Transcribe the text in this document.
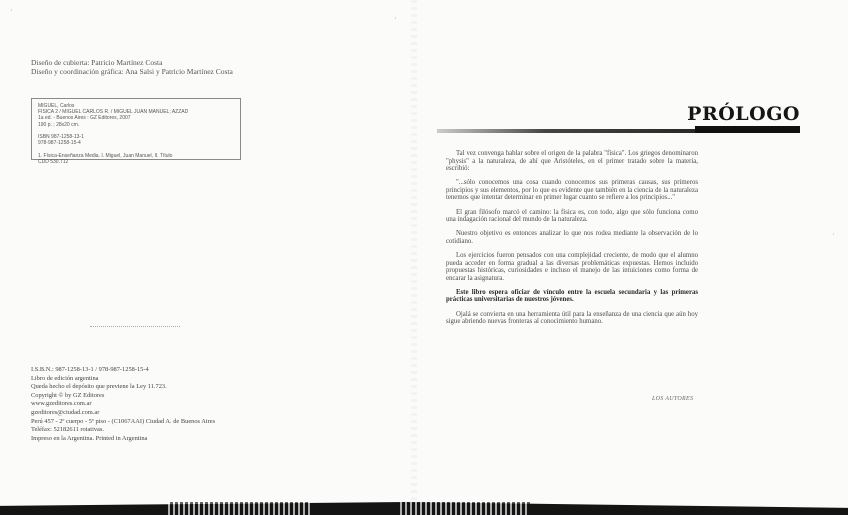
Diseño de cubierta: Patricio Martínez Costa
Diseño y coordinación gráfica: Ana Salsi y Patricio Martínez Costa
MIGUEL, Carlos
FISICA 2 / MIGUEL CARLOS R. / MIGUEL JUAN MANUEL; AZZAD
1a ed. - Buenos Aires : GZ Editores, 2007
190 p. ; 28x20 cm.

ISBN 987-1258-13-1
978-987-1258-15-4

1. Física-Enseñanza Media. I. Miguel, Juan Manuel, II. Título
CDD 530.712
I.S.B.N.: 987-1258-13-1 / 978-987-1258-15-4
Libro de edición argentina
Queda hecho el depósito que previene la Ley 11.723.
Copyright © by GZ Editores
www.gzeditores.com.ar
gzeditores@ciudad.com.ar
Perú 457 - 2º cuerpo - 5º piso - (C1067AAI) Ciudad A. de Buenos Aires
Teléfax: 52182611 rotativas.
Impreso en la Argentina. Printed in Argentina
PRÓLOGO

Tal vez convenga hablar sobre el origen de la palabra "física". Los griegos denominaron "physis" a la naturaleza, de ahí que Aristóteles, en el primer tratado sobre la materia, escribió:

"...sólo conocemos una cosa cuando conocemos sus primeras causas, sus primeros principios y sus elementos, por lo que es evidente que también en la ciencia de la naturaleza tenemos que intentar determinar en primer lugar cuanto se refiere a los principios..."

El gran filósofo marcó el camino: la física es, con todo, algo que sólo funciona como una indagación racional del mundo de la naturaleza.

Nuestro objetivo es entonces analizar lo que nos rodea mediante la observación de lo cotidiano.

Los ejercicios fueron pensados con una complejidad creciente, de modo que el alumno pueda acceder en forma gradual a las diversas problemáticas expuestas. Hemos incluido propuestas históricas, curiosidades e incluso el manejo de las intuiciones como forma de encarar la asignatura.

Este libro espera oficiar de vínculo entre la escuela secundaria y las primeras prácticas universitarias de nuestros jóvenes.

Ojalá se convierta en una herramienta útil para la enseñanza de una ciencia que aún hoy sigue abriendo nuevas fronteras al conocimiento humano.

LOS AUTORES
·
·
·
